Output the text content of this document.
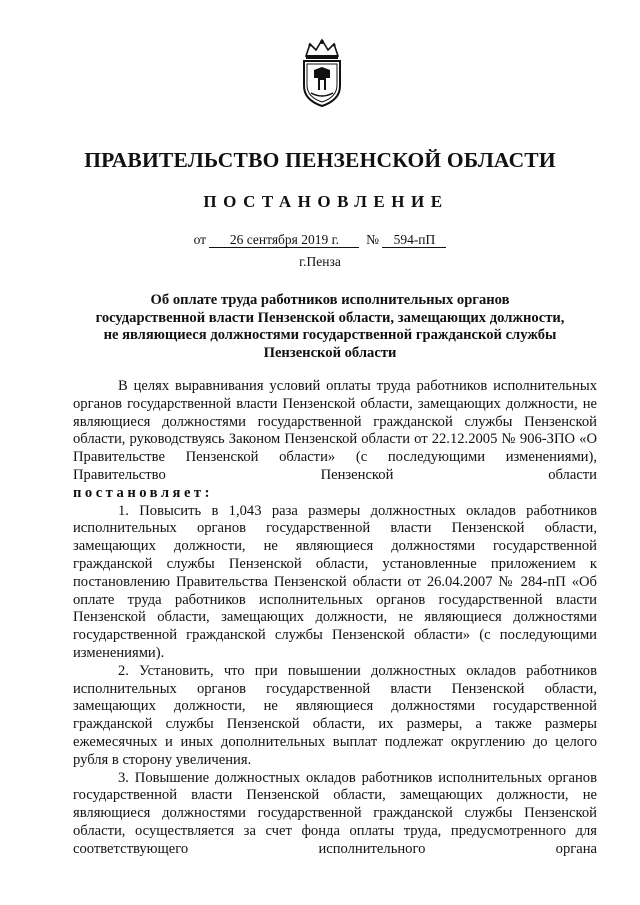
ПРАВИТЕЛЬСТВО ПЕНЗЕНСКОЙ ОБЛАСТИ
ПОСТАНОВЛЕНИЕ
от 26 сентября 2019 г. № 594-пП
г.Пенза
Об оплате труда работников исполнительных органов
государственной власти Пензенской области, замещающих должности,
не являющиеся должностями государственной гражданской службы
Пензенской области

В целях выравнивания условий оплаты труда работников исполнительных органов государственной власти Пензенской области, замещающих должности, не являющиеся должностями государственной гражданской службы Пензенской области, руководствуясь Законом Пензенской области от 22.12.2005 № 906-ЗПО «О Правительстве Пензенской области» (с последующими изменениями), Правительство Пензенской области

постановляет:

1. Повысить в 1,043 раза размеры должностных окладов работников исполнительных органов государственной власти Пензенской области, замещающих должности, не являющиеся должностями государственной гражданской службы Пензенской области, установленные приложением к постановлению Правительства Пензенской области от 26.04.2007 № 284-пП «Об оплате труда работников исполнительных органов государственной власти Пензенской области, замещающих должности, не являющиеся должностями государственной гражданской службы Пензенской области» (с последующими изменениями).

2. Установить, что при повышении должностных окладов работников исполнительных органов государственной власти Пензенской области, замещающих должности, не являющиеся должностями государственной гражданской службы Пензенской области, их размеры, а также размеры ежемесячных и иных дополнительных выплат подлежат округлению до целого рубля в сторону увеличения.

3. Повышение должностных окладов работников исполнительных органов государственной власти Пензенской области, замещающих должности, не являющиеся должностями государственной гражданской службы Пензенской области, осуществляется за счет фонда оплаты труда, предусмотренного для соответствующего исполнительного органа
